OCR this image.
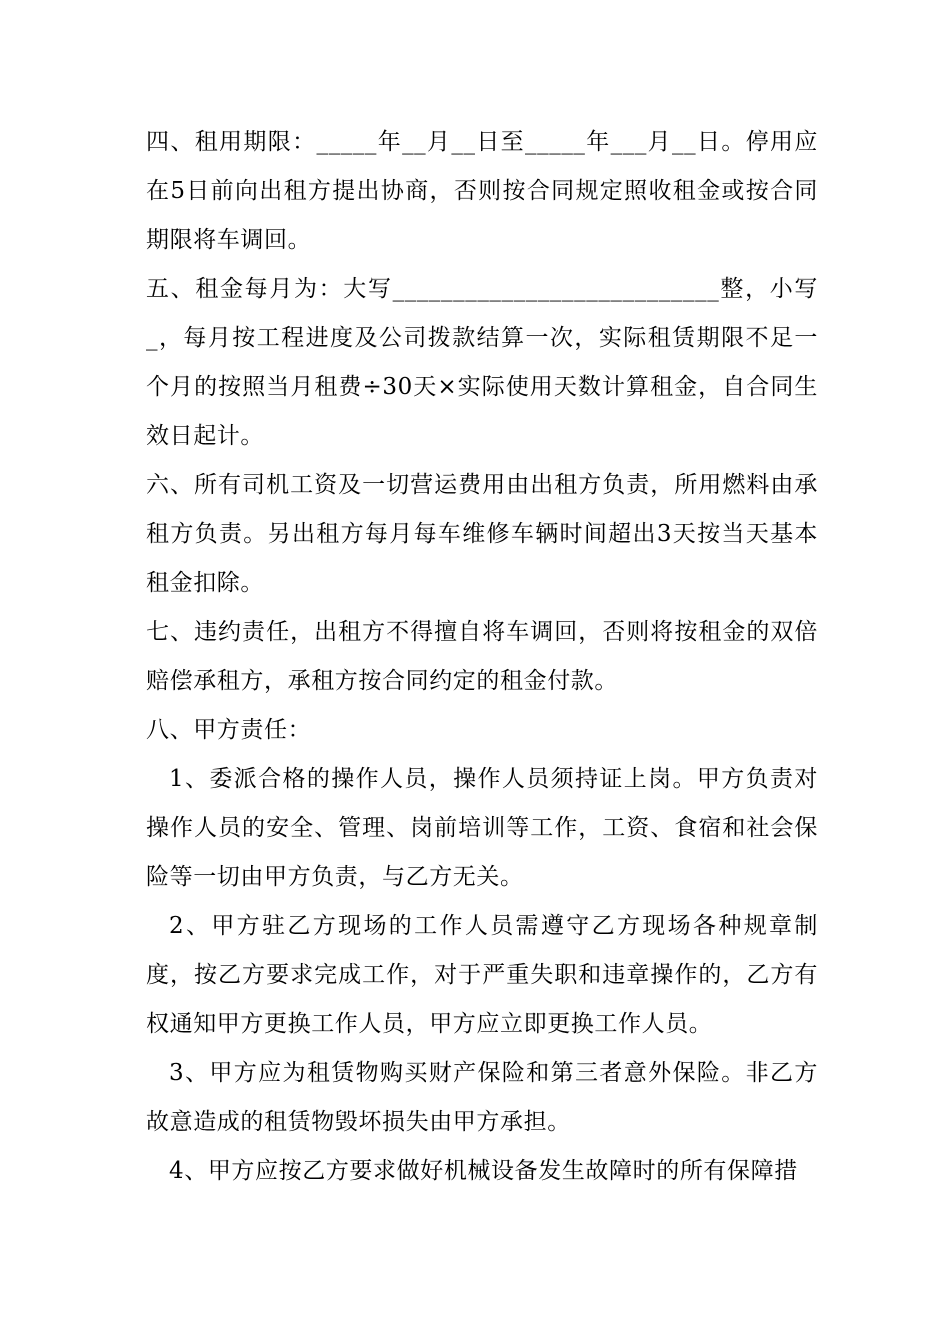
四、租用期限：_____年__月__日至_____年___月__日。停用应在5日前向出租方提出协商，否则按合同规定照收租金或按合同期限将车调回。

五、租金每月为：大写___________________________整，小写_，每月按工程进度及公司拨款结算一次，实际租赁期限不足一个月的按照当月租费÷30天×实际使用天数计算租金，自合同生效日起计。

六、所有司机工资及一切营运费用由出租方负责，所用燃料由承租方负责。另出租方每月每车维修车辆时间超出3天按当天基本租金扣除。

七、违约责任，出租方不得擅自将车调回，否则将按租金的双倍赔偿承租方，承租方按合同约定的租金付款。

八、甲方责任：

1、委派合格的操作人员，操作人员须持证上岗。甲方负责对操作人员的安全、管理、岗前培训等工作，工资、食宿和社会保险等一切由甲方负责，与乙方无关。

2、甲方驻乙方现场的工作人员需遵守乙方现场各种规章制度，按乙方要求完成工作，对于严重失职和违章操作的，乙方有权通知甲方更换工作人员，甲方应立即更换工作人员。

3、甲方应为租赁物购买财产保险和第三者意外保险。非乙方故意造成的租赁物毁坏损失由甲方承担。

4、甲方应按乙方要求做好机械设备发生故障时的所有保障措
